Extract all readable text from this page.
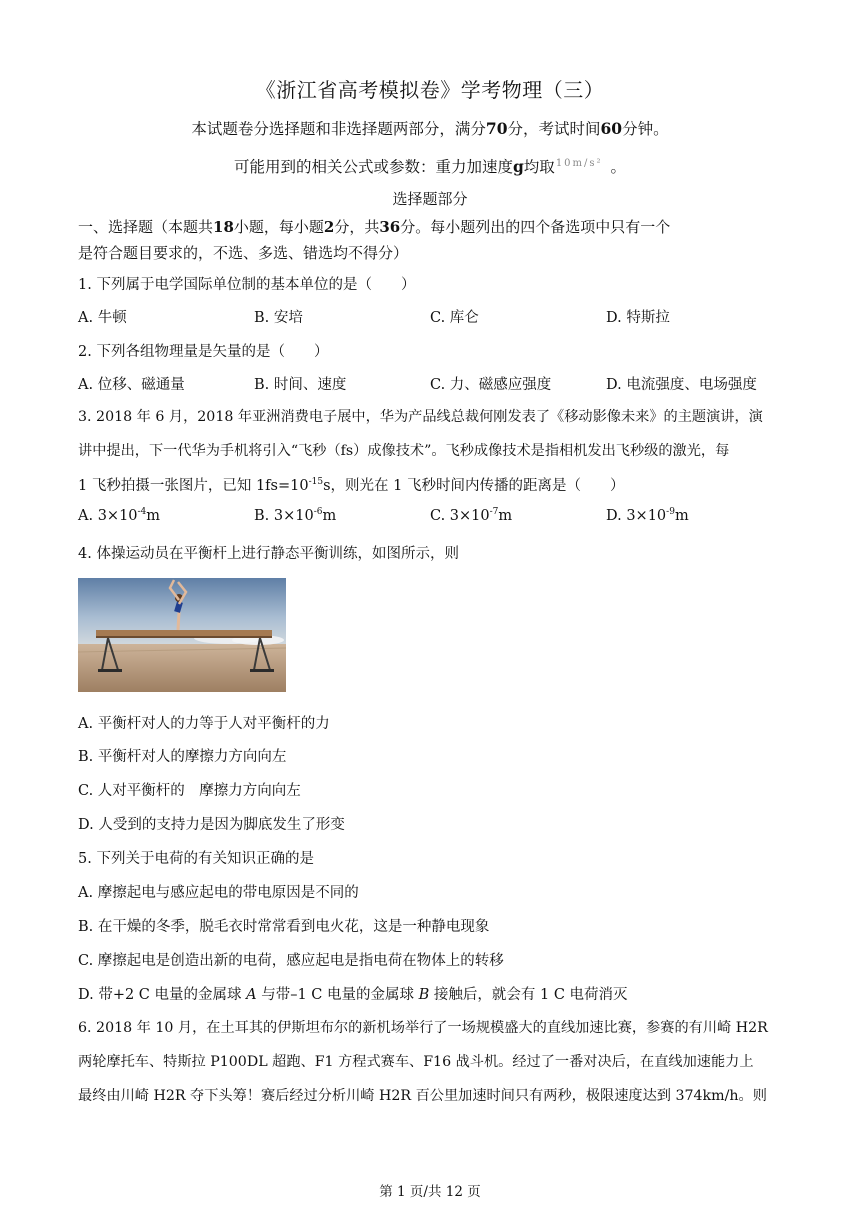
《浙江省高考模拟卷》学考物理（三）
本试题卷分选择题和非选择题两部分，满分70分，考试时间60分钟。
可能用到的相关公式或参数：重力加速度g均取10m/s² 。
选择题部分
一、选择题（本题共18小题，每小题2分，共36分。每小题列出的四个备选项中只有一个
是符合题目要求的，不选、多选、错选均不得分）
1. 下列属于电学国际单位制的基本单位的是（　　）
A. 牛顿	B. 安培	C. 库仑	D. 特斯拉
2. 下列各组物理量是矢量的是（　　）
A. 位移、磁通量	B. 时间、速度	C. 力、磁感应强度	D. 电流强度、电场强度
3. 2018 年 6 月，2018 年亚洲消费电子展中，华为产品线总裁何刚发表了《移动影像未来》的主题演讲，演
讲中提出，下一代华为手机将引入“飞秒（fs）成像技术”。飞秒成像技术是指相机发出飞秒级的激光，每
1 飞秒拍摄一张图片，已知 $1fs=10^{-15}s$，则光在 1 飞秒时间内传播的距离是（　　）
A. $3\times 10^{-4}m$	B. $3\times 10^{-6}m$	C. $3\times 10^{-7}m$	D. $3\times 10^{-9}m$
4. 体操运动员在平衡杆上进行静态平衡训练，如图所示，则
A. 平衡杆对人的力等于人对平衡杆的力
B. 平衡杆对人的摩擦力方向向左
C. 人对平衡杆的　摩擦力方向向左
D. 人受到的支持力是因为脚底发生了形变
5. 下列关于电荷的有关知识正确的是
A. 摩擦起电与感应起电的带电原因是不同的
B. 在干燥的冬季，脱毛衣时常常看到电火花，这是一种静电现象
C. 摩擦起电是创造出新的电荷，感应起电是指电荷在物体上的转移
D. 带+2 C 电量的金属球 A 与带–1 C 电量的金属球 B 接触后，就会有 1 C 电荷消灭
6. 2018 年 10 月，在土耳其的伊斯坦布尔的新机场举行了一场规模盛大的直线加速比赛，参赛的有川崎 H2R
两轮摩托车、特斯拉 P100DL 超跑、F1 方程式赛车、F16 战斗机。经过了一番对决后，在直线加速能力上
最终由川崎 H2R 夺下头筹！赛后经过分析川崎 H2R 百公里加速时间只有两秒，极限速度达到 374km/h。则
第 1 页/共 12 页
